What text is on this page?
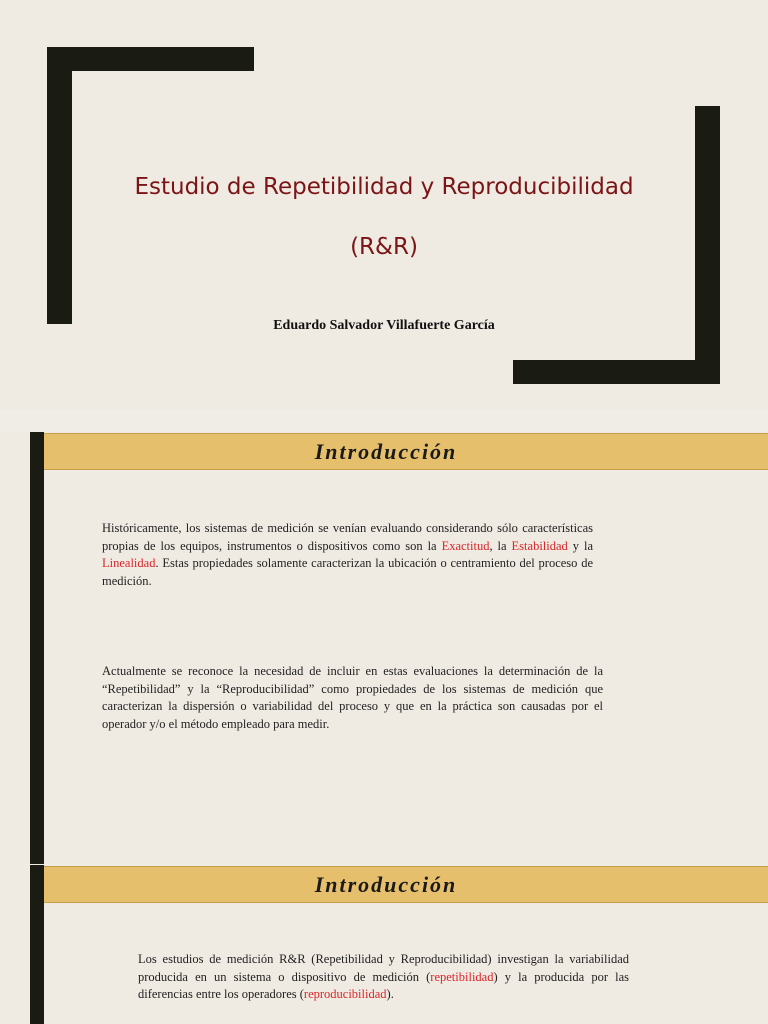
Estudio de Repetibilidad y Reproducibilidad
(R&R)
Eduardo Salvador Villafuerte García
Introducción
Históricamente, los sistemas de medición se venían evaluando considerando sólo características propias de los equipos, instrumentos o dispositivos como son la Exactitud, la Estabilidad y la Linealidad. Estas propiedades solamente caracterizan la ubicación o centramiento del proceso de medición.
Actualmente se reconoce la necesidad de incluir en estas evaluaciones la determinación de la “Repetibilidad” y la “Reproducibilidad” como propiedades de los sistemas de medición que caracterizan la dispersión o variabilidad del proceso y que en la práctica son causadas por el operador y/o el método empleado para medir.
Introducción
Los estudios de medición R&R (Repetibilidad y Reproducibilidad) investigan la variabilidad producida en un sistema o dispositivo de medición (repetibilidad) y la producida por las diferencias entre los operadores (reproducibilidad).
